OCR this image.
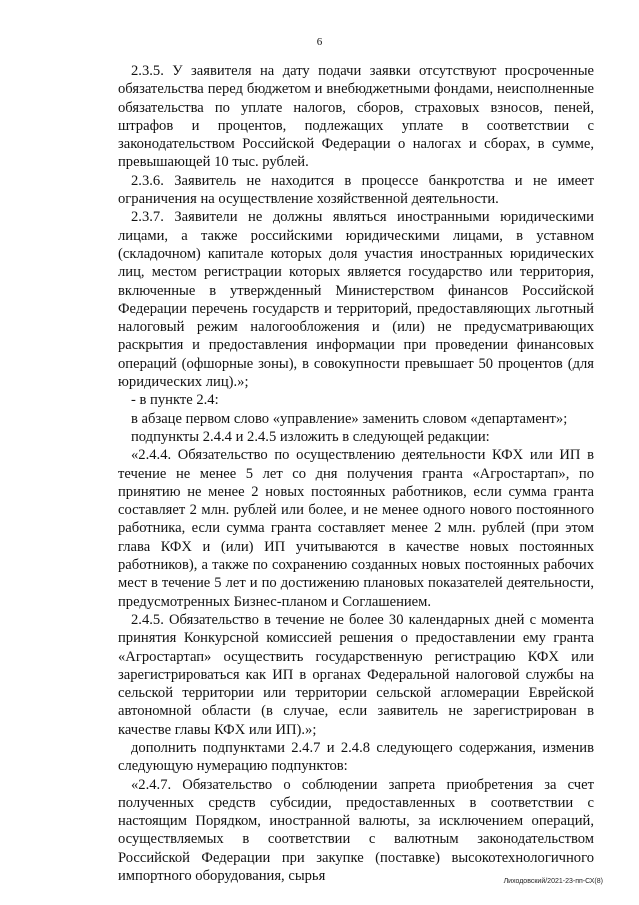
6

2.3.5. У заявителя на дату подачи заявки отсутствуют просроченные обязательства перед бюджетом и внебюджетными фондами, неисполненные обязательства по уплате налогов, сборов, страховых взносов, пеней, штрафов и процентов, подлежащих уплате в соответствии с законодательством Российской Федерации о налогах и сборах, в сумме, превышающей 10 тыс. рублей.

2.3.6. Заявитель не находится в процессе банкротства и не имеет ограничения на осуществление хозяйственной деятельности.

2.3.7. Заявители не должны являться иностранными юридическими лицами, а также российскими юридическими лицами, в уставном (складочном) капитале которых доля участия иностранных юридических лиц, местом регистрации которых является государство или территория, включенные в утвержденный Министерством финансов Российской Федерации перечень государств и территорий, предоставляющих льготный налоговый режим налогообложения и (или) не предусматривающих раскрытия и предоставления информации при проведении финансовых операций (офшорные зоны), в совокупности превышает 50 процентов (для юридических лиц).»;

- в пункте 2.4:

в абзаце первом слово «управление» заменить словом «департамент»;

подпункты 2.4.4 и 2.4.5 изложить в следующей редакции:

«2.4.4. Обязательство по осуществлению деятельности КФХ или ИП в течение не менее 5 лет со дня получения гранта «Агростартап», по принятию не менее 2 новых постоянных работников, если сумма гранта составляет 2 млн. рублей или более, и не менее одного нового постоянного работника, если сумма гранта составляет менее 2 млн. рублей (при этом глава КФХ и (или) ИП учитываются в качестве новых постоянных работников), а также по сохранению созданных новых постоянных рабочих мест в течение 5 лет и по достижению плановых показателей деятельности, предусмотренных Бизнес-планом и Соглашением.

2.4.5. Обязательство в течение не более 30 календарных дней с момента принятия Конкурсной комиссией решения о предоставлении ему гранта «Агростартап» осуществить государственную регистрацию КФХ или зарегистрироваться как ИП в органах Федеральной налоговой службы на сельской территории или территории сельской агломерации Еврейской автономной области (в случае, если заявитель не зарегистрирован в качестве главы КФХ или ИП).»;

дополнить подпунктами 2.4.7 и 2.4.8 следующего содержания, изменив следующую нумерацию подпунктов:

«2.4.7. Обязательство о соблюдении запрета приобретения за счет полученных средств субсидии, предоставленных в соответствии с настоящим Порядком, иностранной валюты, за исключением операций, осуществляемых в соответствии с валютным законодательством Российской Федерации при закупке (поставке) высокотехнологичного импортного оборудования, сырья	Лиходовский/2021-23-пп-СХ(8)
